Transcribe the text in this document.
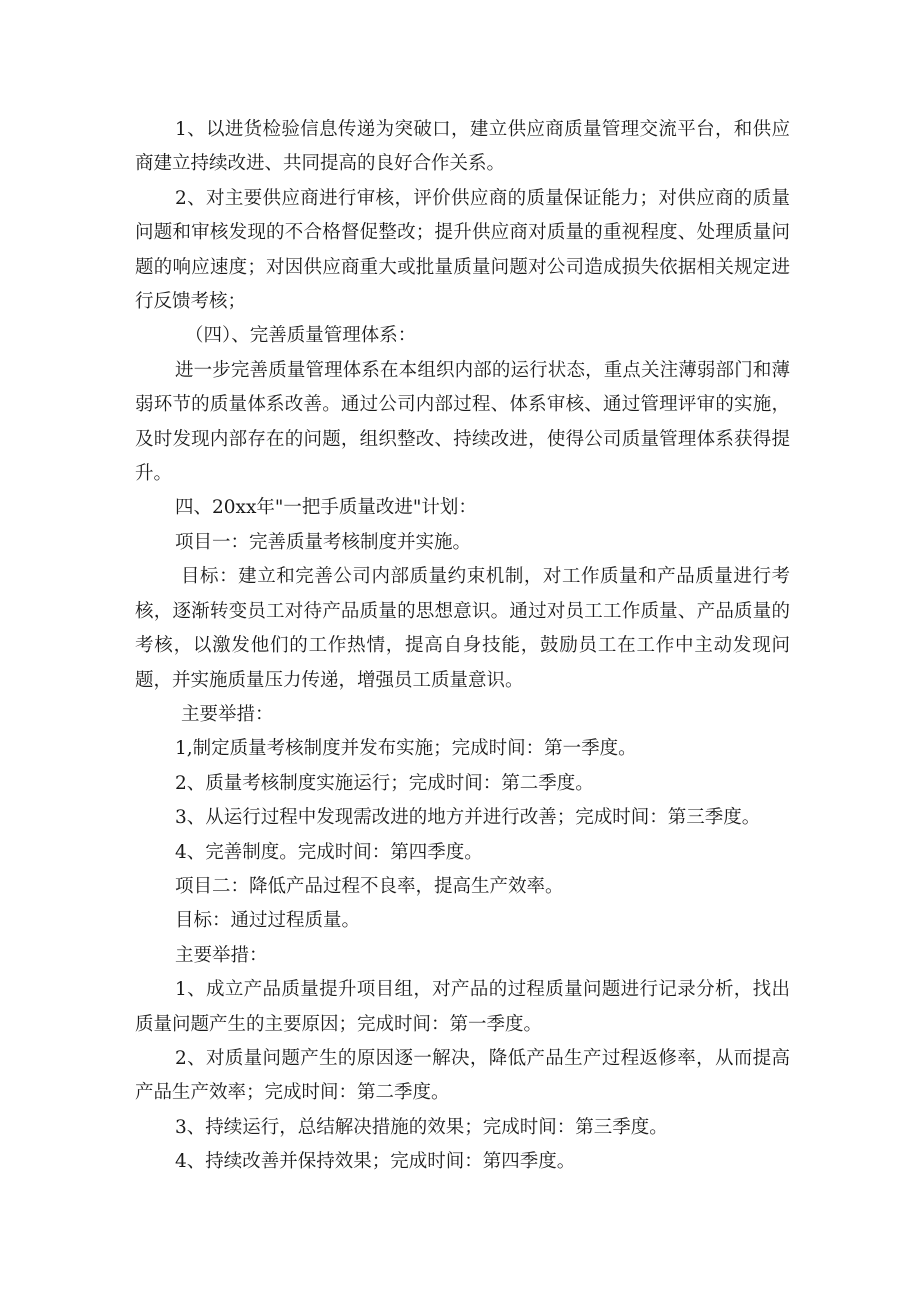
1、以进货检验信息传递为突破口，建立供应商质量管理交流平台，和供应商建立持续改进、共同提高的良好合作关系。

2、对主要供应商进行审核，评价供应商的质量保证能力；对供应商的质量问题和审核发现的不合格督促整改；提升供应商对质量的重视程度、处理质量问题的响应速度；对因供应商重大或批量质量问题对公司造成损失依据相关规定进行反馈考核；

（四）、完善质量管理体系：

进一步完善质量管理体系在本组织内部的运行状态，重点关注薄弱部门和薄弱环节的质量体系改善。通过公司内部过程、体系审核、通过管理评审的实施，及时发现内部存在的问题，组织整改、持续改进，使得公司质量管理体系获得提升。

四、20xx年"一把手质量改进"计划：

项目一：完善质量考核制度并实施。

目标：建立和完善公司内部质量约束机制，对工作质量和产品质量进行考核，逐渐转变员工对待产品质量的思想意识。通过对员工工作质量、产品质量的考核，以激发他们的工作热情，提高自身技能，鼓励员工在工作中主动发现问题，并实施质量压力传递，增强员工质量意识。

主要举措：

1,制定质量考核制度并发布实施；完成时间：第一季度。

2、质量考核制度实施运行；完成时间：第二季度。

3、从运行过程中发现需改进的地方并进行改善；完成时间：第三季度。

4、完善制度。完成时间：第四季度。

项目二：降低产品过程不良率，提高生产效率。

目标：通过过程质量。

主要举措：

1、成立产品质量提升项目组，对产品的过程质量问题进行记录分析，找出质量问题产生的主要原因；完成时间：第一季度。

2、对质量问题产生的原因逐一解决，降低产品生产过程返修率，从而提高产品生产效率；完成时间：第二季度。

3、持续运行，总结解决措施的效果；完成时间：第三季度。

4、持续改善并保持效果；完成时间：第四季度。
